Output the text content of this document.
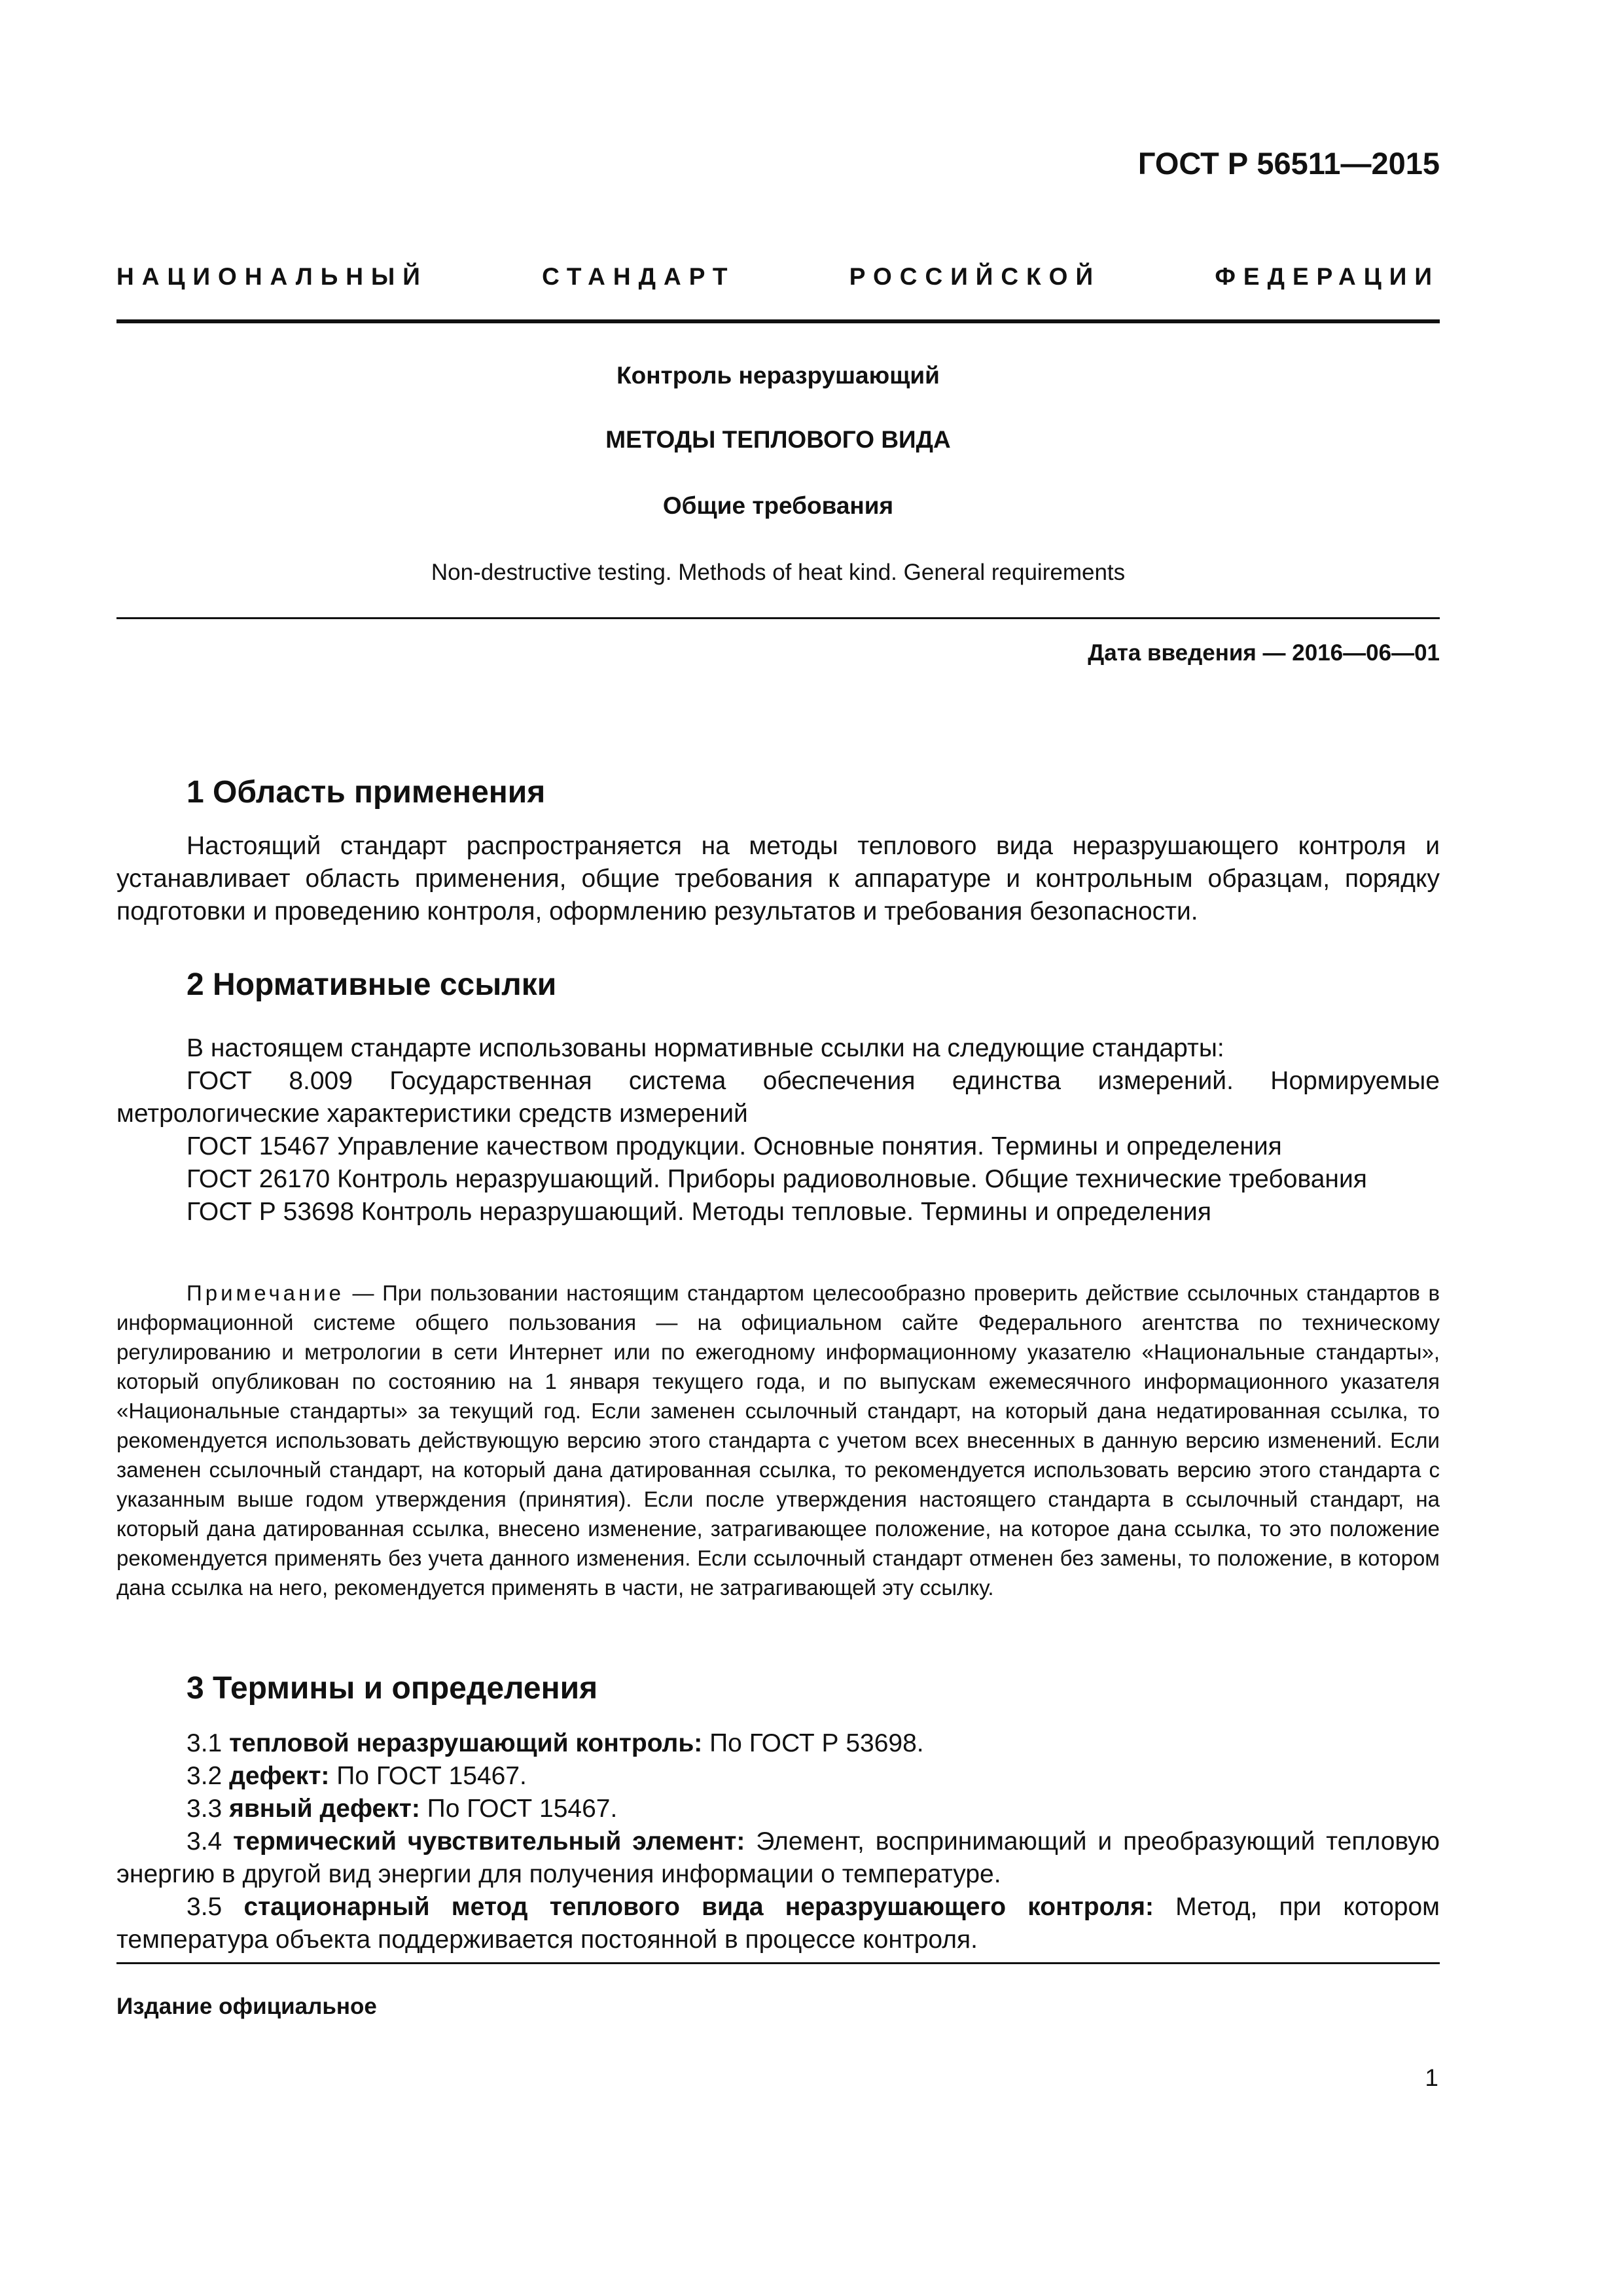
ГОСТ Р 56511—2015
НАЦИОНАЛЬНЫЙ СТАНДАРТ РОССИЙСКОЙ ФЕДЕРАЦИИ
Контроль неразрушающий
МЕТОДЫ ТЕПЛОВОГО ВИДА
Общие требования
Non-destructive testing. Methods of heat kind. General requirements
Дата введения — 2016—06—01
1 Область применения

Настоящий стандарт распространяется на методы теплового вида неразрушающего контроля и устанавливает область применения, общие требования к аппаратуре и контрольным образцам, порядку подготовки и проведению контроля, оформлению результатов и требования безопасности.

2 Нормативные ссылки

В настоящем стандарте использованы нормативные ссылки на следующие стандарты:

ГОСТ 8.009 Государственная система обеспечения единства измерений. Нормируемые метрологические характеристики средств измерений

ГОСТ 15467 Управление качеством продукции. Основные понятия. Термины и определения

ГОСТ 26170 Контроль неразрушающий. Приборы радиоволновые. Общие технические требования

ГОСТ Р 53698 Контроль неразрушающий. Методы тепловые. Термины и определения

Примечание — При пользовании настоящим стандартом целесообразно проверить действие ссылочных стандартов в информационной системе общего пользования — на официальном сайте Федерального агентства по техническому регулированию и метрологии в сети Интернет или по ежегодному информационному указателю «Национальные стандарты», который опубликован по состоянию на 1 января текущего года, и по выпускам ежемесячного информационного указателя «Национальные стандарты» за текущий год. Если заменен ссылочный стандарт, на который дана недатированная ссылка, то рекомендуется использовать действующую версию этого стандарта с учетом всех внесенных в данную версию изменений. Если заменен ссылочный стандарт, на который дана датированная ссылка, то рекомендуется использовать версию этого стандарта с указанным выше годом утверждения (принятия). Если после утверждения настоящего стандарта в ссылочный стандарт, на который дана датированная ссылка, внесено изменение, затрагивающее положение, на которое дана ссылка, то это положение рекомендуется применять без учета данного изменения. Если ссылочный стандарт отменен без замены, то положение, в котором дана ссылка на него, рекомендуется применять в части, не затрагивающей эту ссылку.

3 Термины и определения

3.1 тепловой неразрушающий контроль: По ГОСТ Р 53698.

3.2 дефект: По ГОСТ 15467.

3.3 явный дефект: По ГОСТ 15467.

3.4 термический чувствительный элемент: Элемент, воспринимающий и преобразующий тепловую энергию в другой вид энергии для получения информации о температуре.

3.5 стационарный метод теплового вида неразрушающего контроля: Метод, при котором температура объекта поддерживается постоянной в процессе контроля.

Издание официальное
1
